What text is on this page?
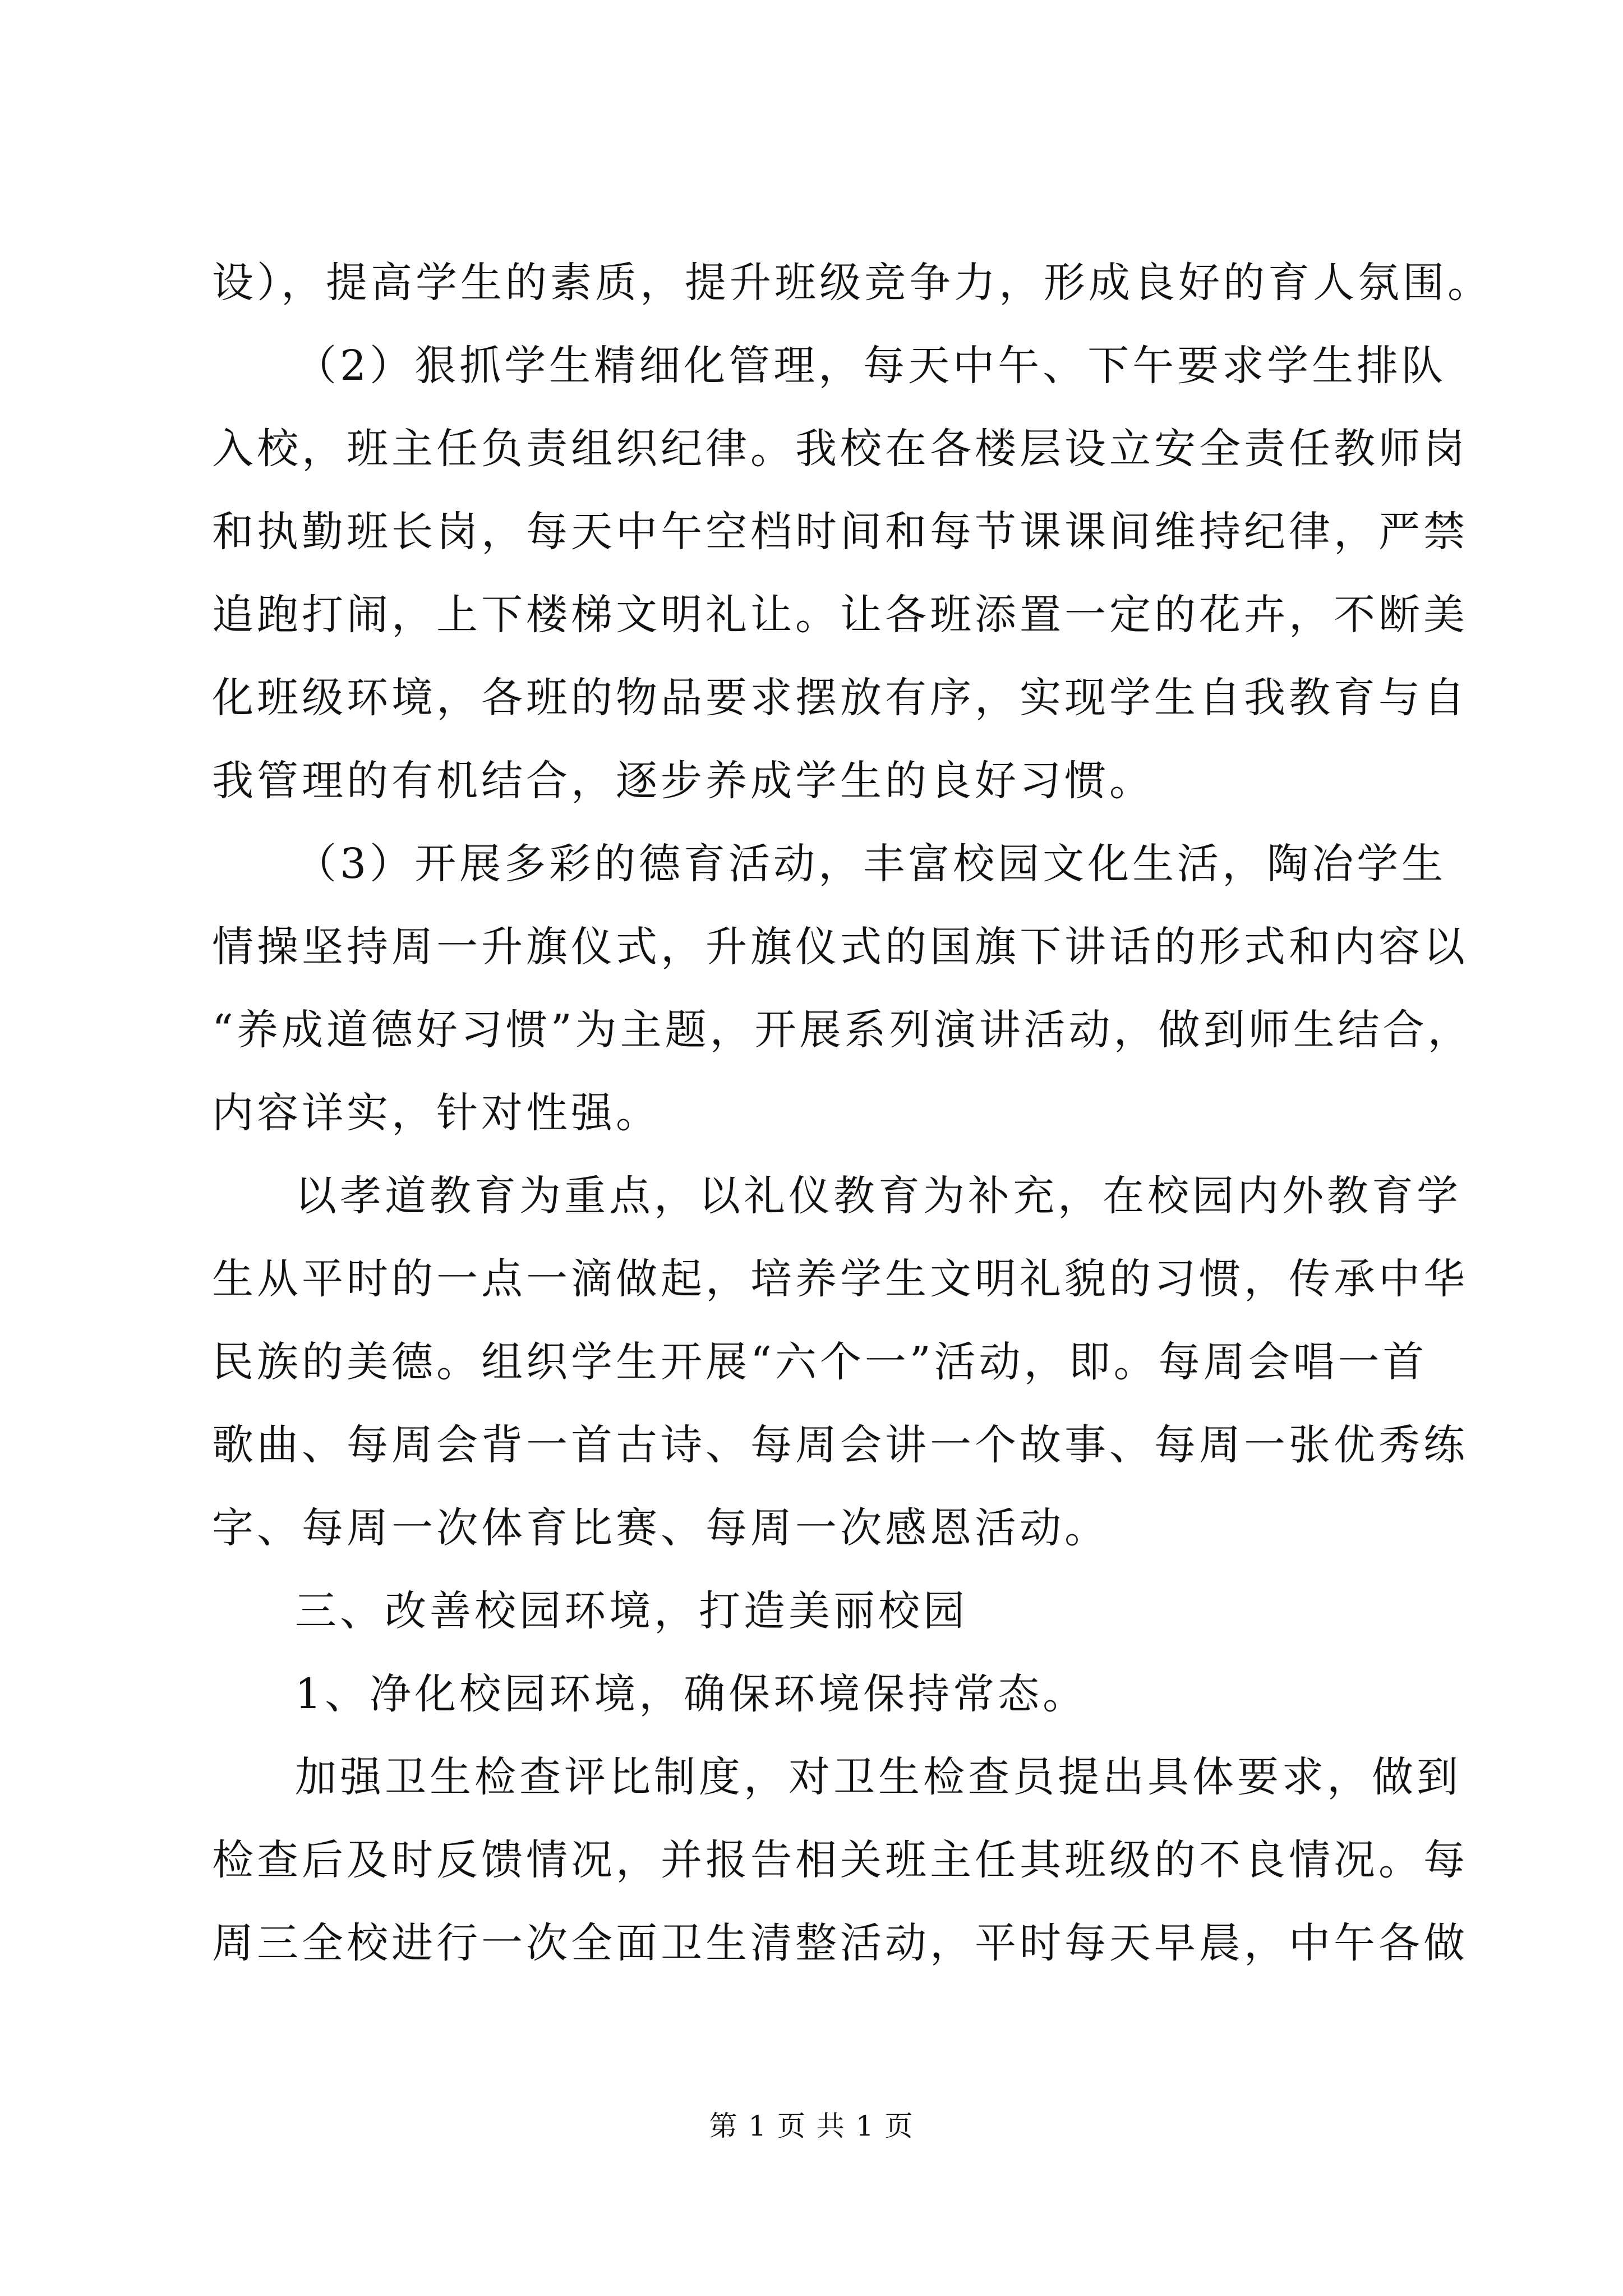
设），提高学生的素质，提升班级竞争力，形成良好的育人氛围。
（2）狠抓学生精细化管理，每天中午、下午要求学生排队
入校，班主任负责组织纪律。我校在各楼层设立安全责任教师岗
和执勤班长岗，每天中午空档时间和每节课课间维持纪律，严禁
追跑打闹，上下楼梯文明礼让。让各班添置一定的花卉，不断美
化班级环境，各班的物品要求摆放有序，实现学生自我教育与自
我管理的有机结合，逐步养成学生的良好习惯。
（3）开展多彩的德育活动，丰富校园文化生活，陶冶学生
情操坚持周一升旗仪式，升旗仪式的国旗下讲话的形式和内容以
“养成道德好习惯”为主题，开展系列演讲活动，做到师生结合，
内容详实，针对性强。
以孝道教育为重点，以礼仪教育为补充，在校园内外教育学
生从平时的一点一滴做起，培养学生文明礼貌的习惯，传承中华
民族的美德。组织学生开展“六个一”活动，即。每周会唱一首
歌曲、每周会背一首古诗、每周会讲一个故事、每周一张优秀练
字、每周一次体育比赛、每周一次感恩活动。
三、改善校园环境，打造美丽校园
1、净化校园环境，确保环境保持常态。
加强卫生检查评比制度，对卫生检查员提出具体要求，做到
检查后及时反馈情况，并报告相关班主任其班级的不良情况。每
周三全校进行一次全面卫生清整活动，平时每天早晨，中午各做
第 1 页 共 1 页
